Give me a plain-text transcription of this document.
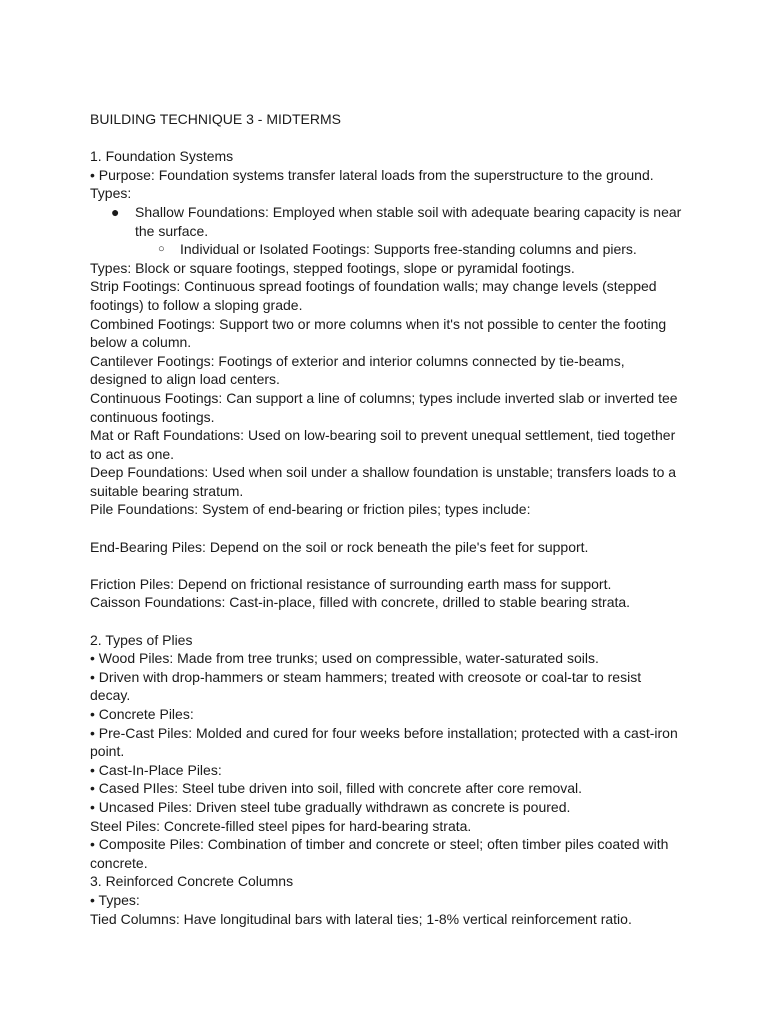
BUILDING TECHNIQUE 3 - MIDTERMS
1. Foundation Systems
• Purpose: Foundation systems transfer lateral loads from the superstructure to the ground.
Types:
●	Shallow Foundations: Employed when stable soil with adequate bearing capacity is near the surface.
○	Individual or Isolated Footings: Supports free-standing columns and piers.
Types: Block or square footings, stepped footings, slope or pyramidal footings.
Strip Footings: Continuous spread footings of foundation walls; may change levels (stepped footings) to follow a sloping grade.
Combined Footings: Support two or more columns when it's not possible to center the footing below a column.
Cantilever Footings: Footings of exterior and interior columns connected by tie-beams, designed to align load centers.
Continuous Footings: Can support a line of columns; types include inverted slab or inverted tee continuous footings.
Mat or Raft Foundations: Used on low-bearing soil to prevent unequal settlement, tied together to act as one.
Deep Foundations: Used when soil under a shallow foundation is unstable; transfers loads to a suitable bearing stratum.
Pile Foundations: System of end-bearing or friction piles; types include:
End-Bearing Piles: Depend on the soil or rock beneath the pile's feet for support.
Friction Piles: Depend on frictional resistance of surrounding earth mass for support.
Caisson Foundations: Cast-in-place, filled with concrete, drilled to stable bearing strata.
2. Types of Plies
• Wood Piles: Made from tree trunks; used on compressible, water-saturated soils.
• Driven with drop-hammers or steam hammers; treated with creosote or coal-tar to resist decay.
• Concrete Piles:
• Pre-Cast Piles: Molded and cured for four weeks before installation; protected with a cast-iron point.
• Cast-In-Place Piles:
• Cased PIles: Steel tube driven into soil, filled with concrete after core removal.
• Uncased Piles: Driven steel tube gradually withdrawn as concrete is poured.
Steel Piles: Concrete-filled steel pipes for hard-bearing strata.
• Composite Piles: Combination of timber and concrete or steel; often timber piles coated with concrete.
3. Reinforced Concrete Columns
• Types:
Tied Columns: Have longitudinal bars with lateral ties; 1-8% vertical reinforcement ratio.
